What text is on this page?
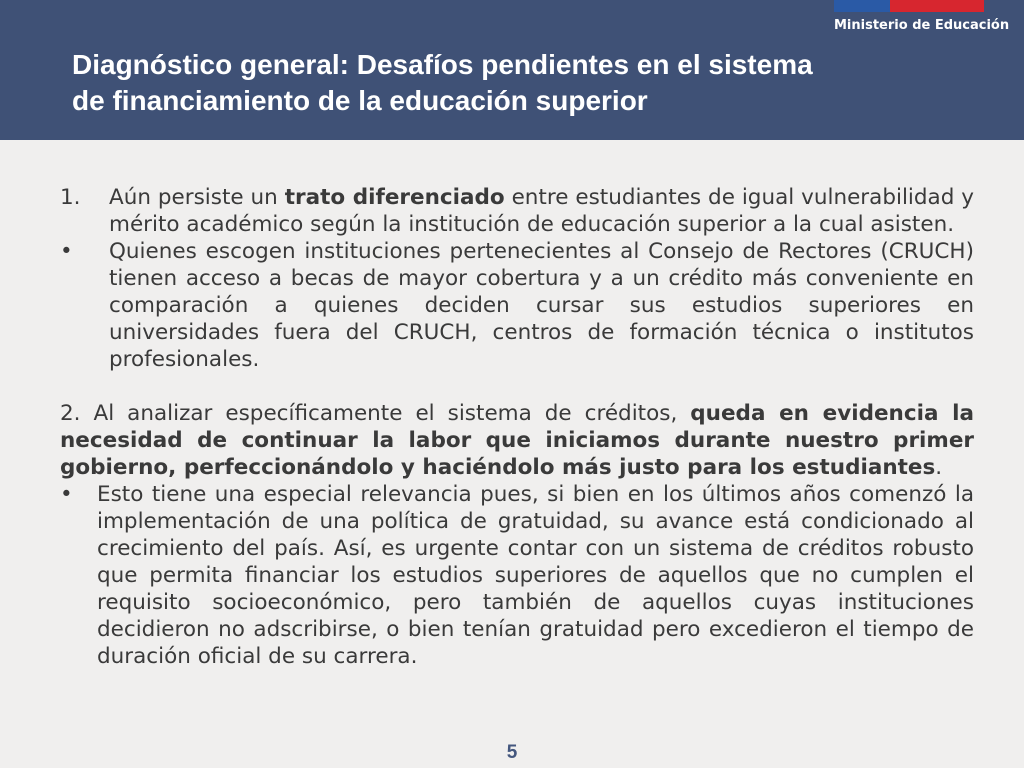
Ministerio de Educación
Diagnóstico general: Desafíos pendientes en el sistema
de financiamiento de la educación superior
1. Aún persiste un trato diferenciado entre estudiantes de igual vulnerabilidad y mérito académico según la institución de educación superior a la cual asisten.
• Quienes escogen instituciones pertenecientes al Consejo de Rectores (CRUCH) tienen acceso a becas de mayor cobertura y a un crédito más conveniente en comparación a quienes deciden cursar sus estudios superiores en universidades fuera del CRUCH, centros de formación técnica o institutos profesionales.
2. Al analizar específicamente el sistema de créditos, queda en evidencia la necesidad de continuar la labor que iniciamos durante nuestro primer gobierno, perfeccionándolo y haciéndolo más justo para los estudiantes.
• Esto tiene una especial relevancia pues, si bien en los últimos años comenzó la implementación de una política de gratuidad, su avance está condicionado al crecimiento del país. Así, es urgente contar con un sistema de créditos robusto que permita financiar los estudios superiores de aquellos que no cumplen el requisito socioeconómico, pero también de aquellos cuyas instituciones decidieron no adscribirse, o bien tenían gratuidad pero excedieron el tiempo de duración oficial de su carrera.
5
